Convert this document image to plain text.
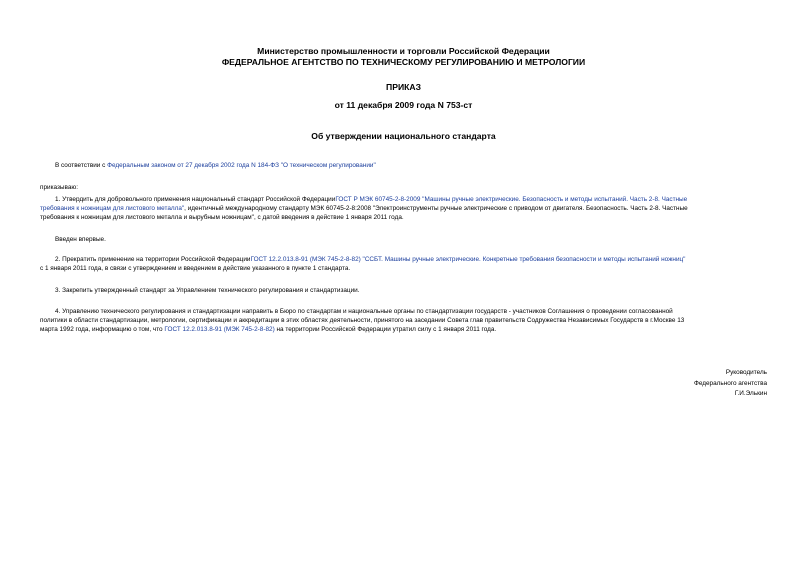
Министерство промышленности и торговли Российской Федерации
ФЕДЕРАЛЬНОЕ АГЕНТСТВО ПО ТЕХНИЧЕСКОМУ РЕГУЛИРОВАНИЮ И МЕТРОЛОГИИ
ПРИКАЗ
от 11 декабря 2009 года N 753-ст
Об утверждении национального стандарта
В соответствии с Федеральным законом от 27 декабря 2002 года N 184-ФЗ "О техническом регулировании"
приказываю:
1. Утвердить для добровольного применения национальный стандарт Российской ФедерацииГОСТ Р МЭК 60745-2-8-2009 "Машины ручные электрические. Безопасность и методы испытаний. Часть 2-8. Частные
требования к ножницам для листового металла", идентичный международному стандарту МЭК 60745-2-8:2008 "Электроинструменты ручные электрические с приводом от двигателя. Безопасность. Часть 2-8. Частные
требования к ножницам для листового металла и вырубным ножницам", с датой введения в действие 1 января 2011 года.
Введен впервые.
2. Прекратить применение на территории Российской ФедерацииГОСТ 12.2.013.8-91 (МЭК 745-2-8-82) "ССБТ. Машины ручные электрические. Конкретные требования безопасности и методы испытаний ножниц"
с 1 января 2011 года, в связи с утверждением и введением в действие указанного в пункте 1 стандарта.
3. Закрепить утвержденный стандарт за Управлением технического регулирования и стандартизации.
4. Управлению технического регулирования и стандартизации направить в Бюро по стандартам и национальные органы по стандартизации государств - участников Соглашения о проведении согласованной
политики в области стандартизации, метрологии, сертификации и аккредитации в этих областях деятельности, принятого на заседании Совета глав правительств Содружества Независимых Государств в г.Москве 13
марта 1992 года, информацию о том, что ГОСТ 12.2.013.8-91 (МЭК 745-2-8-82) на территории Российской Федерации утратил силу с 1 января 2011 года.
Руководитель
Федерального агентства
Г.И.Элькин
